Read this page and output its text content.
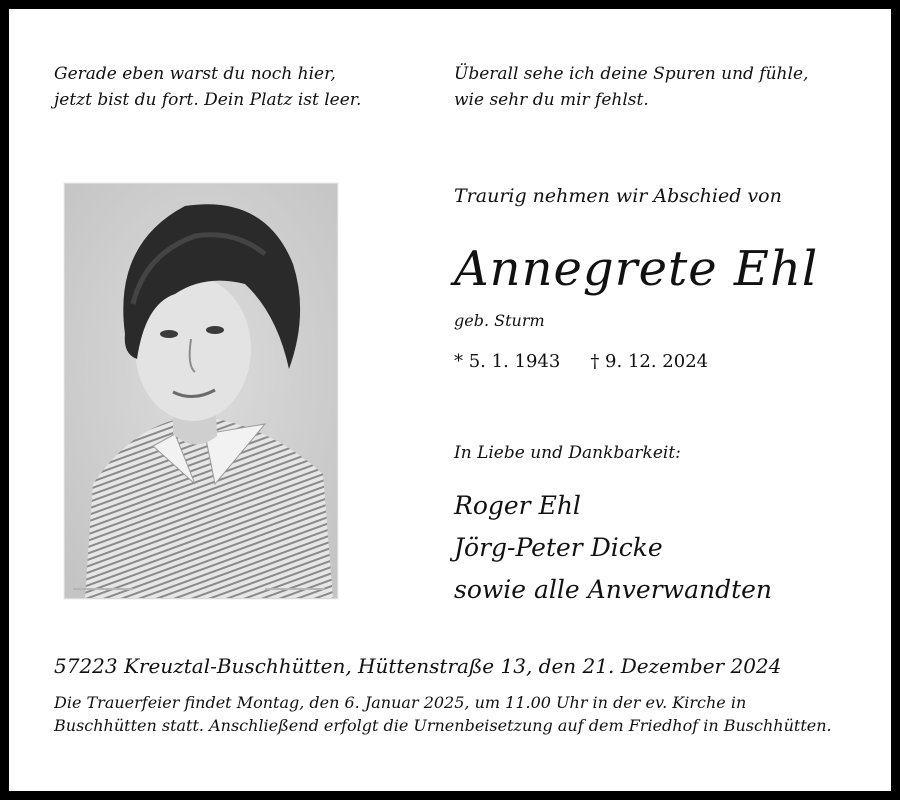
Gerade eben warst du noch hier,
jetzt bist du fort. Dein Platz ist leer.
Überall sehe ich deine Spuren und fühle,
wie sehr du mir fehlst.
Traurig nehmen wir Abschied von
Annegrete Ehl
geb. Sturm
* 5. 1. 1943 † 9. 12. 2024
In Liebe und Dankbarkeit:
Roger Ehl
Jörg-Peter Dicke
sowie alle Anverwandten
57223 Kreuztal-Buschhütten, Hüttenstraße 13, den 21. Dezember 2024
Die Trauerfeier findet Montag, den 6. Januar 2025, um 11.00 Uhr in der ev. Kirche in Buschhütten statt. Anschließend erfolgt die Urnenbeisetzung auf dem Friedhof in Buschhütten.
